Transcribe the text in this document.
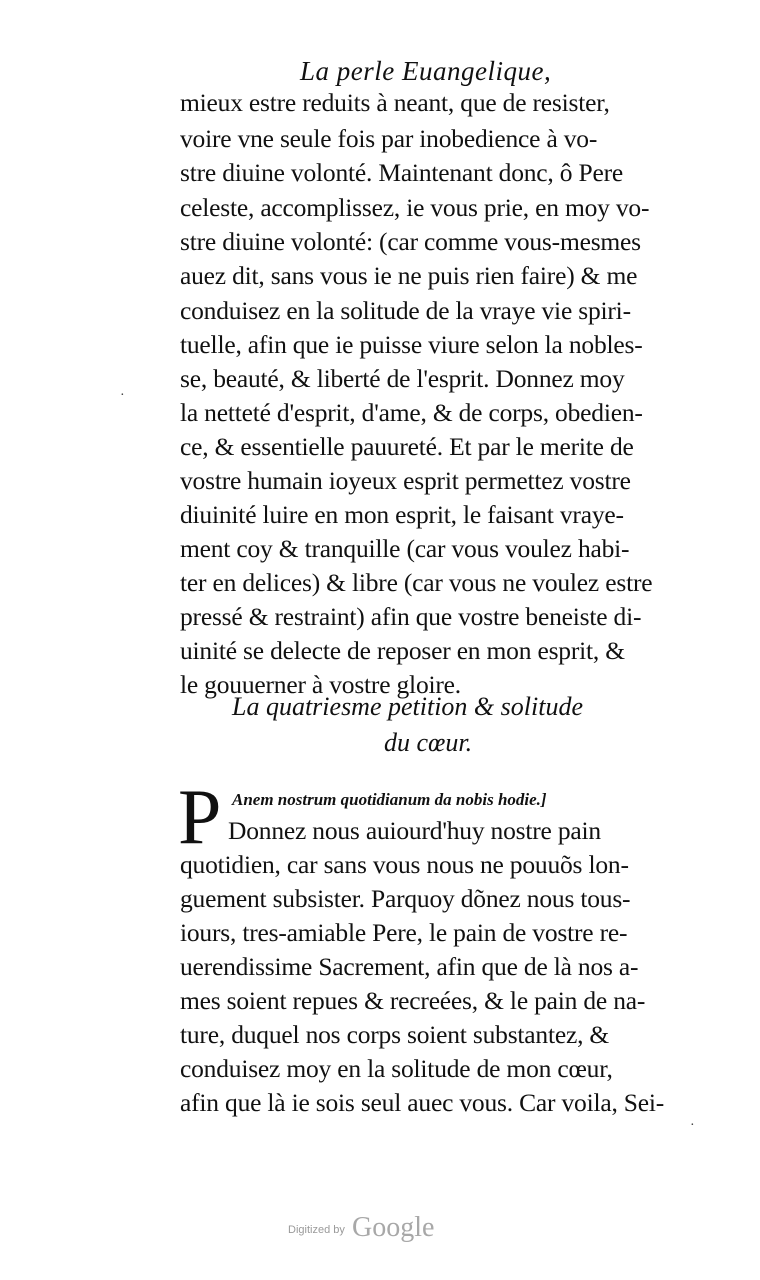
La perle Euangelique,
mieux estre reduits à neant, que de resister,
voire vne seule fois par inobedience à vo-
stre diuine volonté. Maintenant donc, ô Pere
celeste, accomplissez, ie vous prie, en moy vo-
stre diuine volonté: (car comme vous-mesmes
auez dit, sans vous ie ne puis rien faire) & me
conduisez en la solitude de la vraye vie spiri-
tuelle, afin que ie puisse viure selon la nobles-
se, beauté, & liberté de l'esprit. Donnez moy
la netteté d'esprit, d'ame, & de corps, obedien-
ce, & essentielle pauureté. Et par le merite de
vostre humain ioyeux esprit permettez vostre
diuinité luire en mon esprit, le faisant vraye-
ment coy & tranquille (car vous voulez habi-
ter en delices) & libre (car vous ne voulez estre
pressé & restraint) afin que vostre beneiste di-
uinité se delecte de reposer en mon esprit, &
le gouuerner à vostre gloire.
La quatriesme petition & solitude
du cœur.
P Anem nostrum quotidianum da nobis hodie.]
Donnez nous auiourd'huy nostre pain
quotidien, car sans vous nous ne pouuõs lon-
guement subsister. Parquoy dõnez nous tous-
iours, tres-amiable Pere, le pain de vostre re-
uerendissime Sacrement, afin que de là nos a-
mes soient repues & recreées, & le pain de na-
ture, duquel nos corps soient substantez, &
conduisez moy en la solitude de mon cœur,
afin que là ie sois seul auec vous. Car voila, Sei-
·
·
Digitized by Google
